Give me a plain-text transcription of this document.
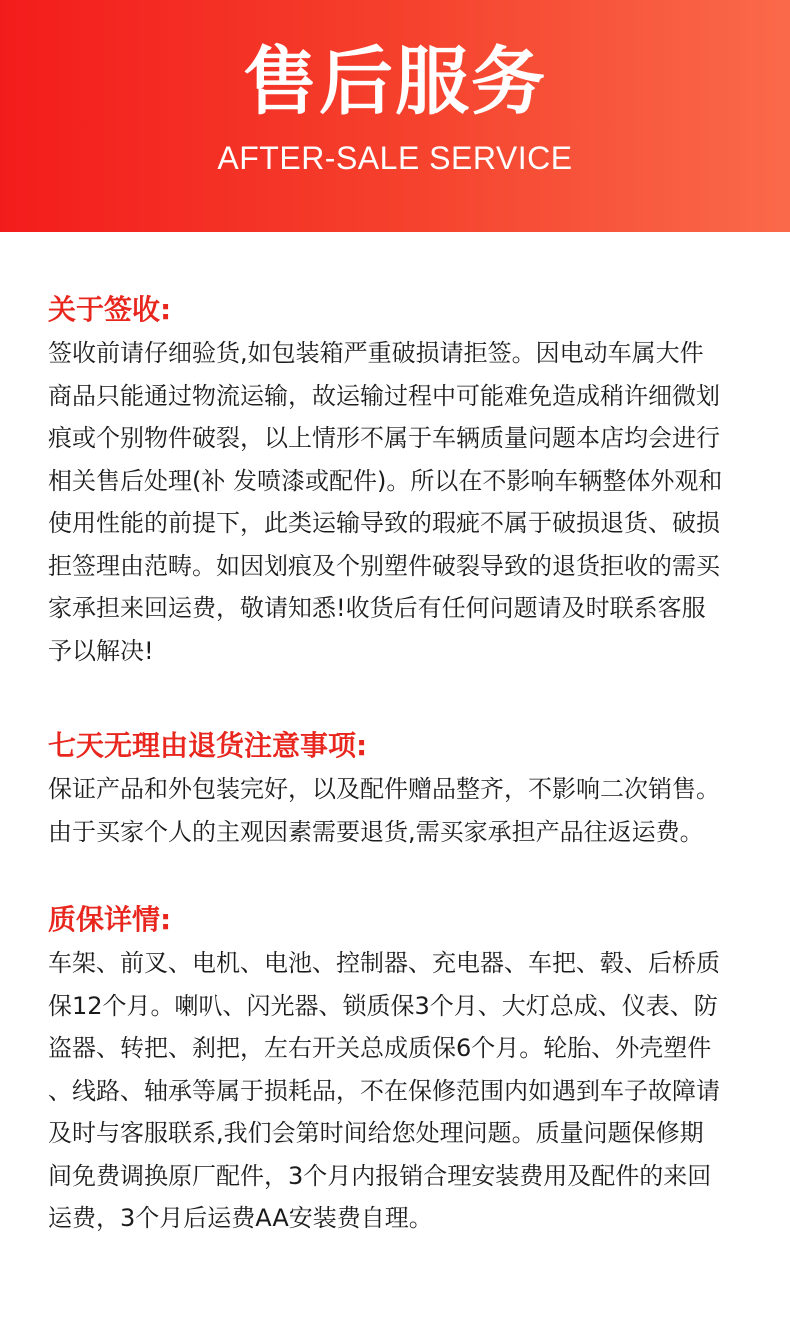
售后服务
AFTER-SALE SERVICE
关于签收:
签收前请仔细验货,如包装箱严重破损请拒签。因电动车属大件
商品只能通过物流运输，故运输过程中可能难免造成稍许细微划
痕或个别物件破裂，以上情形不属于车辆质量问题本店均会进行
相关售后处理(补 发喷漆或配件)。所以在不影响车辆整体外观和
使用性能的前提下，此类运输导致的瑕疵不属于破损退货、破损
拒签理由范畴。如因划痕及个别塑件破裂导致的退货拒收的需买
家承担来回运费，敬请知悉!收货后有任何问题请及时联系客服
予以解决!
七天无理由退货注意事项:
保证产品和外包装完好，以及配件赠品整齐，不影响二次销售。
由于买家个人的主观因素需要退货,需买家承担产品往返运费。
质保详情:
车架、前叉、电机、电池、控制器、充电器、车把、毂、后桥质
保12个月。喇叭、闪光器、锁质保3个月、大灯总成、仪表、防
盗器、转把、刹把，左右开关总成质保6个月。轮胎、外壳塑件
、线路、轴承等属于损耗品，不在保修范围内如遇到车子故障请
及时与客服联系,我们会第时间给您处理问题。质量问题保修期
间免费调换原厂配件，3个月内报销合理安装费用及配件的来回
运费，3个月后运费AA安装费自理。
